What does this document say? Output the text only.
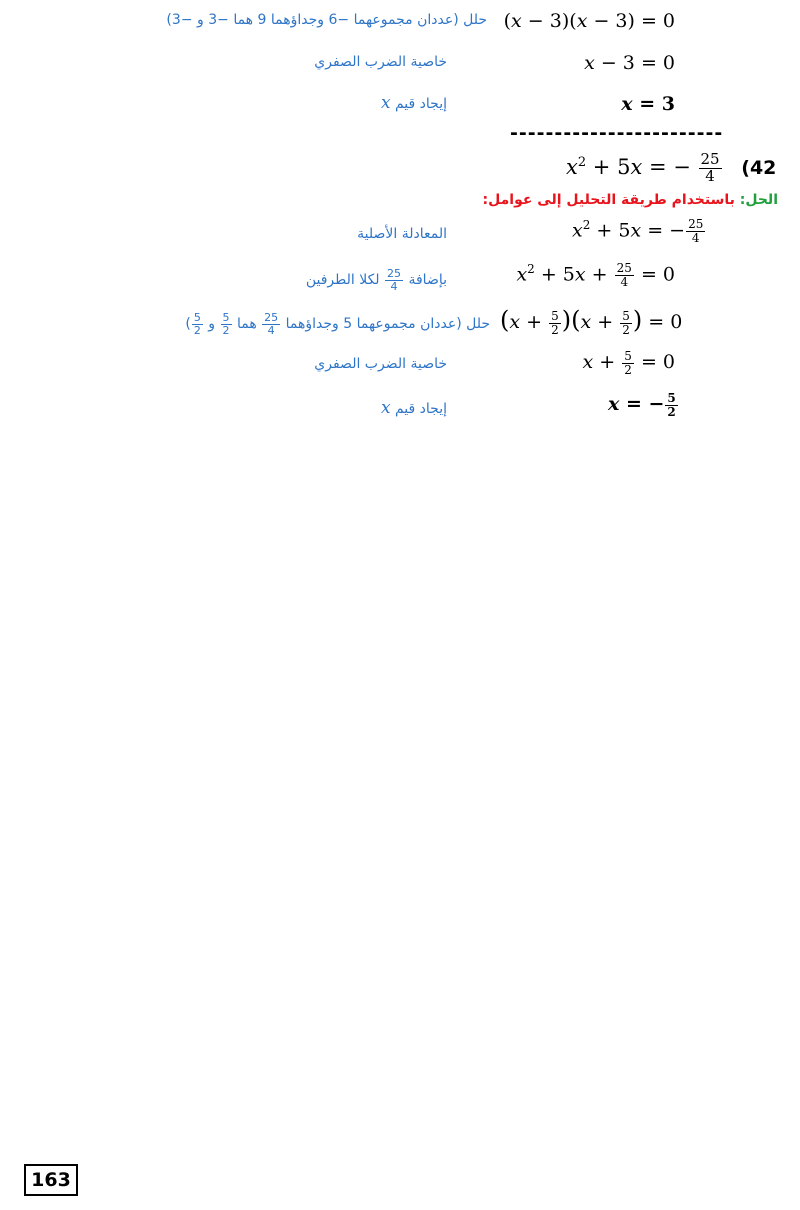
(x − 3)(x − 3) = 0
حلل (عددان مجموعهما −6 وجداؤهما 9 هما −3 و −3)
x − 3 = 0
خاصية الضرب الصفري
x = 3
إيجاد قيم x
------------------------
$x^2 + 5x$ = − $\frac{25}{4} (42$
الحل: باستخدام طريقة التحليل إلى عوامل:
$x^2 + 5x$ = − $\frac{25}{4}$
المعادلة الأصلية
$x^2 + 5x + \frac{25}{4} = 0$
بإضافة
$\frac{25}{4}$
لكلا الطرفين
$(x + \frac{5}{2} )(x + \frac{5}{2}$ ) = 0
حلل (عددان مجموعهما 5 وجداؤهما
$\frac{25}{4}$
هما
$\frac{5}{2}$
و
$\frac{5}{2}$
)
$x + \frac{5}{2} = 0$
خاصية الضرب الصفري
x = − $\frac{5}{2}$
إيجاد قيم x
163
